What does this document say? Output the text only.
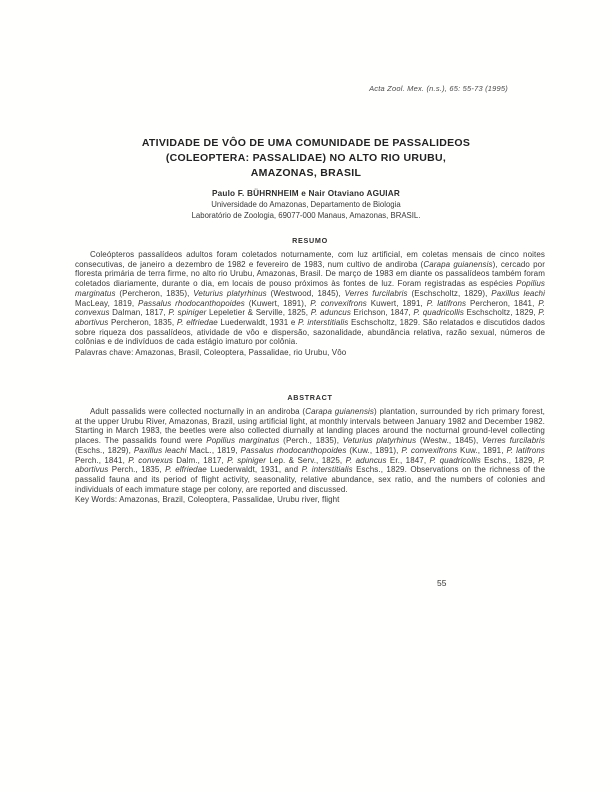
Acta Zool. Mex. (n.s.), 65: 55-73 (1995)
ATIVIDADE DE VÔO DE UMA COMUNIDADE DE PASSALIDEOS
(COLEOPTERA: PASSALIDAE) NO ALTO RIO URUBU,
AMAZONAS, BRASIL
Paulo F. BÜHRNHEIM e Nair Otaviano AGUIAR
Universidade do Amazonas, Departamento de Biologia
Laboratório de Zoologia, 69077-000 Manaus, Amazonas, BRASIL.
RESUMO

Coleópteros passalídeos adultos foram coletados noturnamente, com luz artificial, em coletas mensais de cinco noites consecutivas, de janeiro a dezembro de 1982 e fevereiro de 1983, num cultivo de andiroba (Carapa guianensis), cercado por floresta primária de terra firme, no alto rio Urubu, Amazonas, Brasil. De março de 1983 em diante os passalídeos também foram coletados diariamente, durante o dia, em locais de pouso próximos às fontes de luz. Foram registradas as espécies Popilius marginatus (Percheron, 1835), Veturius platyrhinus (Westwood, 1845), Verres furcilabris (Eschscholtz, 1829), Paxillus leachi MacLeay, 1819, Passalus rhodocanthopoides (Kuwert, 1891), P. convexifrons Kuwert, 1891, P. latifrons Percheron, 1841, P. convexus Dalman, 1817, P. spiniger Lepeletier & Serville, 1825, P. aduncus Erichson, 1847, P. quadricollis Eschscholtz, 1829, P. abortivus Percheron, 1835, P. elfriedae Luederwaldt, 1931 e P. interstitialis Eschscholtz, 1829. São relatados e discutidos dados sobre riqueza dos passalídeos, atividade de vôo e dispersão, sazonalidade, abundância relativa, razão sexual, números de colônias e de indivíduos de cada estágio imaturo por colônia.

Palavras chave: Amazonas, Brasil, Coleoptera, Passalidae, rio Urubu, Vôo

ABSTRACT

Adult passalids were collected nocturnally in an andiroba (Carapa guianensis) plantation, surrounded by rich primary forest, at the upper Urubu River, Amazonas, Brazil, using artificial light, at monthly intervals between January 1982 and December 1982. Starting in March 1983, the beetles were also collected diurnally at landing places around the nocturnal ground-level collecting places. The passalids found were Popilius marginatus (Perch., 1835), Veturius platyrhinus (Westw., 1845), Verres furcilabris (Eschs., 1829), Paxillus leachi MacL., 1819, Passalus rhodocanthopoides (Kuw., 1891), P. convexifrons Kuw., 1891, P. latifrons Perch., 1841, P. convexus Dalm., 1817, P. spiniger Lep. & Serv., 1825, P. aduncus Er., 1847, P. quadricollis Eschs., 1829, P. abortivus Perch., 1835, P. elfriedae Luederwaldt, 1931, and P. interstitialis Eschs., 1829. Observations on the richness of the passalid fauna and its period of flight activity, seasonality, relative abundance, sex ratio, and the numbers of colonies and individuals of each immature stage per colony, are reported and discussed.

Key Words: Amazonas, Brazil, Coleoptera, Passalidae, Urubu river, flight

55
